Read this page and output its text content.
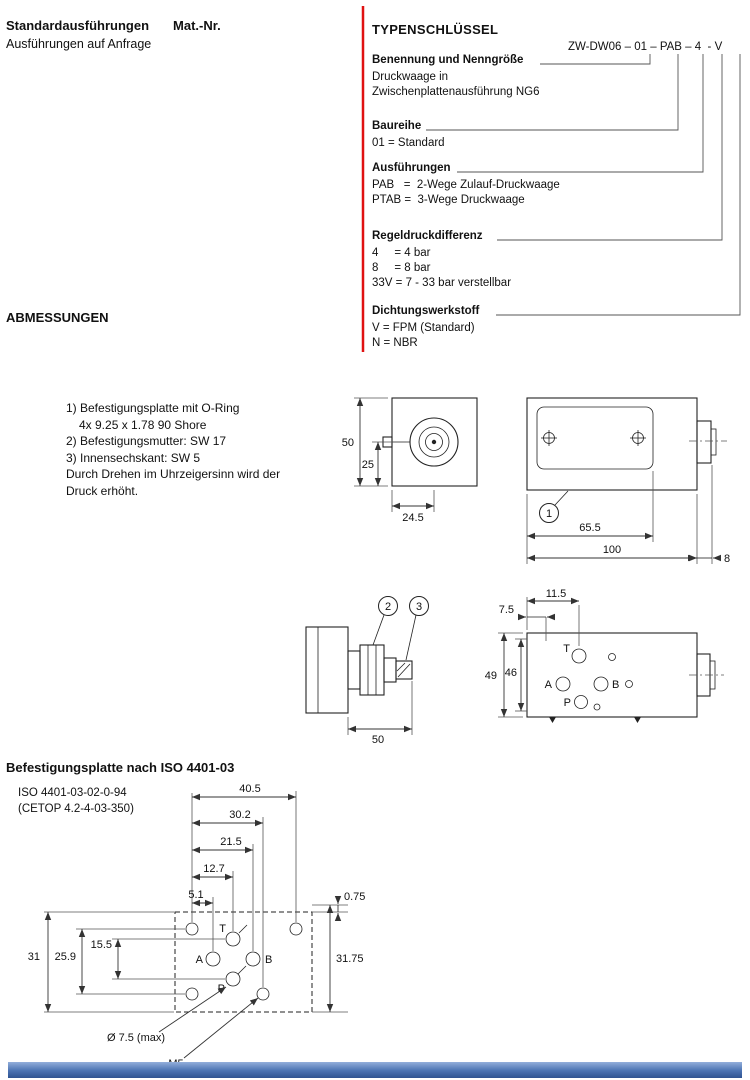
50
25
24.5	1
65.5
100
8
2 3
50
T
A	B
P
7.5
11.5
49 46
T
A	B
P
40.5
30.2
21.5
12.7
5.1
31 25.9
15.5
0.75
31.75
Ø 7.5 (max)
Standardausführungen Mat.-Nr.
Ausführungen auf Anfrage
TYPENSCHLÜSSEL
ZW-DW06 – 01 – PAB – 4  - V
Benennung und Nenngröße
Druckwaage in
Zwischenplattenausführung NG6
Baureihe
01 = Standard
Ausführungen
PAB   =  2-Wege Zulauf-Druckwaage
PTAB =  3-Wege Druckwaage
Regeldruckdifferenz
4     = 4 bar
8     = 8 bar
33V = 7 - 33 bar verstellbar
Dichtungswerkstoff
V = FPM (Standard)
N = NBR
ABMESSUNGEN
1) Befestigungsplatte mit O-Ring
4x 9.25 x 1.78 90 Shore
2) Befestigungsmutter: SW 17
3) Innensechskant: SW 5
Durch Drehen im Uhrzeigersinn wird der
Druck erhöht.
Befestigungsplatte nach ISO 4401-03
ISO 4401-03-02-0-94
(CETOP 4.2-4-03-350)
